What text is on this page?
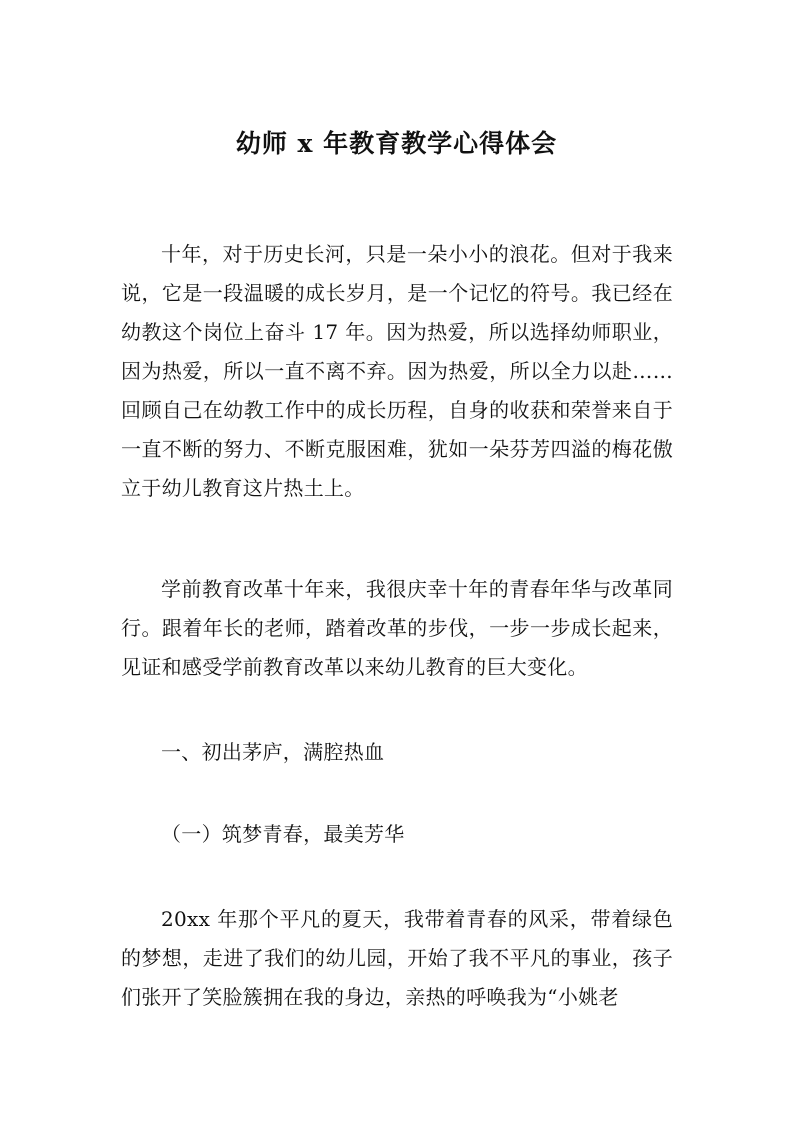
幼师 x 年教育教学心得体会

十年，对于历史长河，只是一朵小小的浪花。但对于我来说，它是一段温暖的成长岁月，是一个记忆的符号。我已经在幼教这个岗位上奋斗 17 年。因为热爱，所以选择幼师职业，因为热爱，所以一直不离不弃。因为热爱，所以全力以赴……回顾自己在幼教工作中的成长历程，自身的收获和荣誉来自于一直不断的努力、不断克服困难，犹如一朵芬芳四溢的梅花傲立于幼儿教育这片热土上。

学前教育改革十年来，我很庆幸十年的青春年华与改革同行。跟着年长的老师，踏着改革的步伐，一步一步成长起来，见证和感受学前教育改革以来幼儿教育的巨大变化。

一、初出茅庐，满腔热血

（一）筑梦青春，最美芳华

20xx 年那个平凡的夏天，我带着青春的风采，带着绿色的梦想，走进了我们的幼儿园，开始了我不平凡的事业，孩子们张开了笑脸簇拥在我的身边，亲热的呼唤我为“小姚老
